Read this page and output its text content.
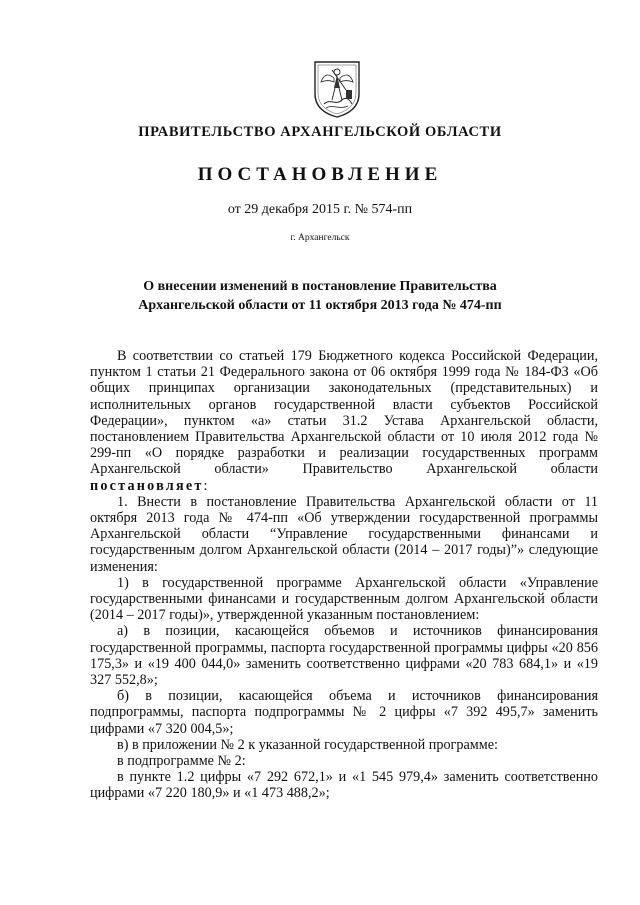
ПРАВИТЕЛЬСТВО АРХАНГЕЛЬСКОЙ ОБЛАСТИ
ПОСТАНОВЛЕНИЕ
от 29 декабря 2015 г. № 574-пп
г. Архангельск
О внесении изменений в постановление Правительства
Архангельской области от 11 октября 2013 года № 474-пп

В соответствии со статьей 179 Бюджетного кодекса Российской Федерации, пунктом 1 статьи 21 Федерального закона от 06 октября 1999 года № 184-ФЗ «Об общих принципах организации законодательных (представительных) и исполнительных органов государственной власти субъектов Российской Федерации», пунктом «а» статьи 31.2 Устава Архангельской области, постановлением Правительства Архангельской области от 10 июля 2012 года № 299-пп «О порядке разработки и реализации государственных программ Архангельской области» Правительство Архангельской области постановляет:

1. Внести в постановление Правительства Архангельской области от 11 октября 2013 года № 474-пп «Об утверждении государственной программы Архангельской области “Управление государственными финансами и государственным долгом Архангельской области (2014 – 2017 годы)”» следующие изменения:

1) в государственной программе Архангельской области «Управление государственными финансами и государственным долгом Архангельской области (2014 – 2017 годы)», утвержденной указанным постановлением:

а) в позиции, касающейся объемов и источников финансирования государственной программы, паспорта государственной программы цифры «20 856 175,3» и «19 400 044,0» заменить соответственно цифрами «20 783 684,1» и «19 327 552,8»;

б) в позиции, касающейся объема и источников финансирования подпрограммы, паспорта подпрограммы № 2 цифры «7 392 495,7» заменить цифрами «7 320 004,5»;

в) в приложении № 2 к указанной государственной программе:

в подпрограмме № 2:

в пункте 1.2 цифры «7 292 672,1» и «1 545 979,4» заменить соответственно цифрами «7 220 180,9» и «1 473 488,2»;
